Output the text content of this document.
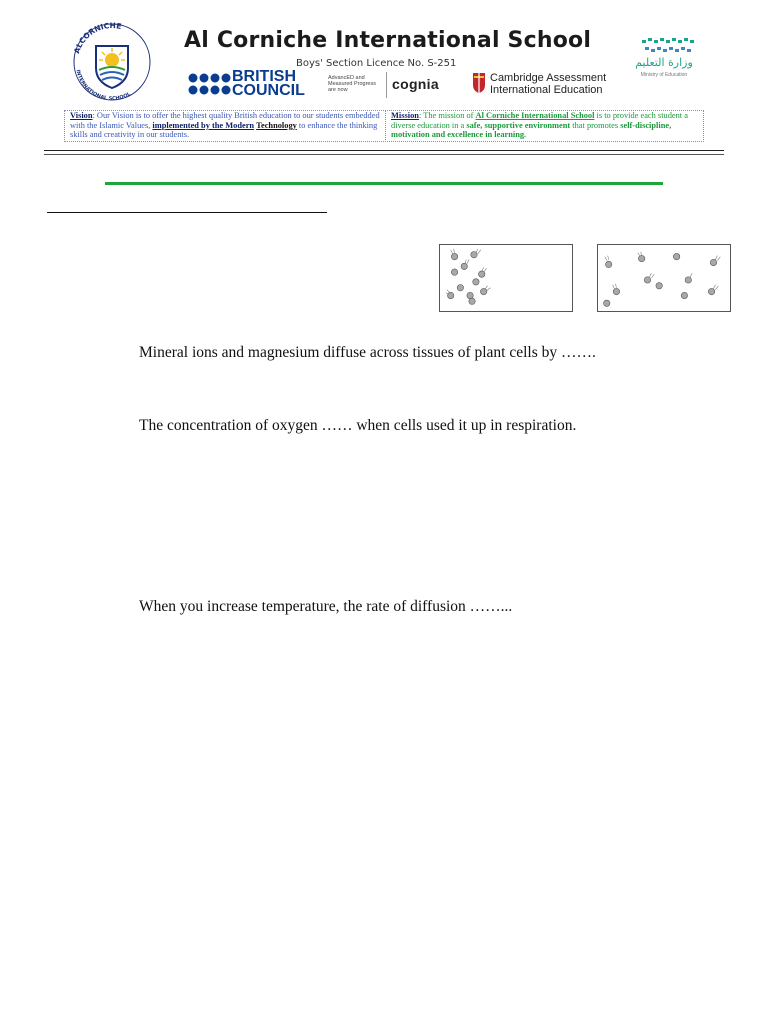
ALCORNICHE
INTERNATIONAL SCHOOL
Al Corniche International School
Boys' Section Licence No. S-251
BRITISH
COUNCIL
AdvancED and Measured Progress are now	cognia	Cambridge Assessment
International Education
وزارة التعليم
Ministry of Education
Vision: Our Vision is to offer the highest quality British education to our students embedded with the Islamic Values, implemented by the Modern Technology to enhance the thinking skills and creativity in our students.
Mission: The mission of Al Corniche International School is to provide each student a diverse education in a safe, supportive environment that promotes self-discipline, motivation and excellence in learning.
Mineral ions and magnesium diffuse across tissues of plant cells by …….
The concentration of oxygen …… when cells used it up in respiration.
When you increase temperature, the rate of diffusion ……...
